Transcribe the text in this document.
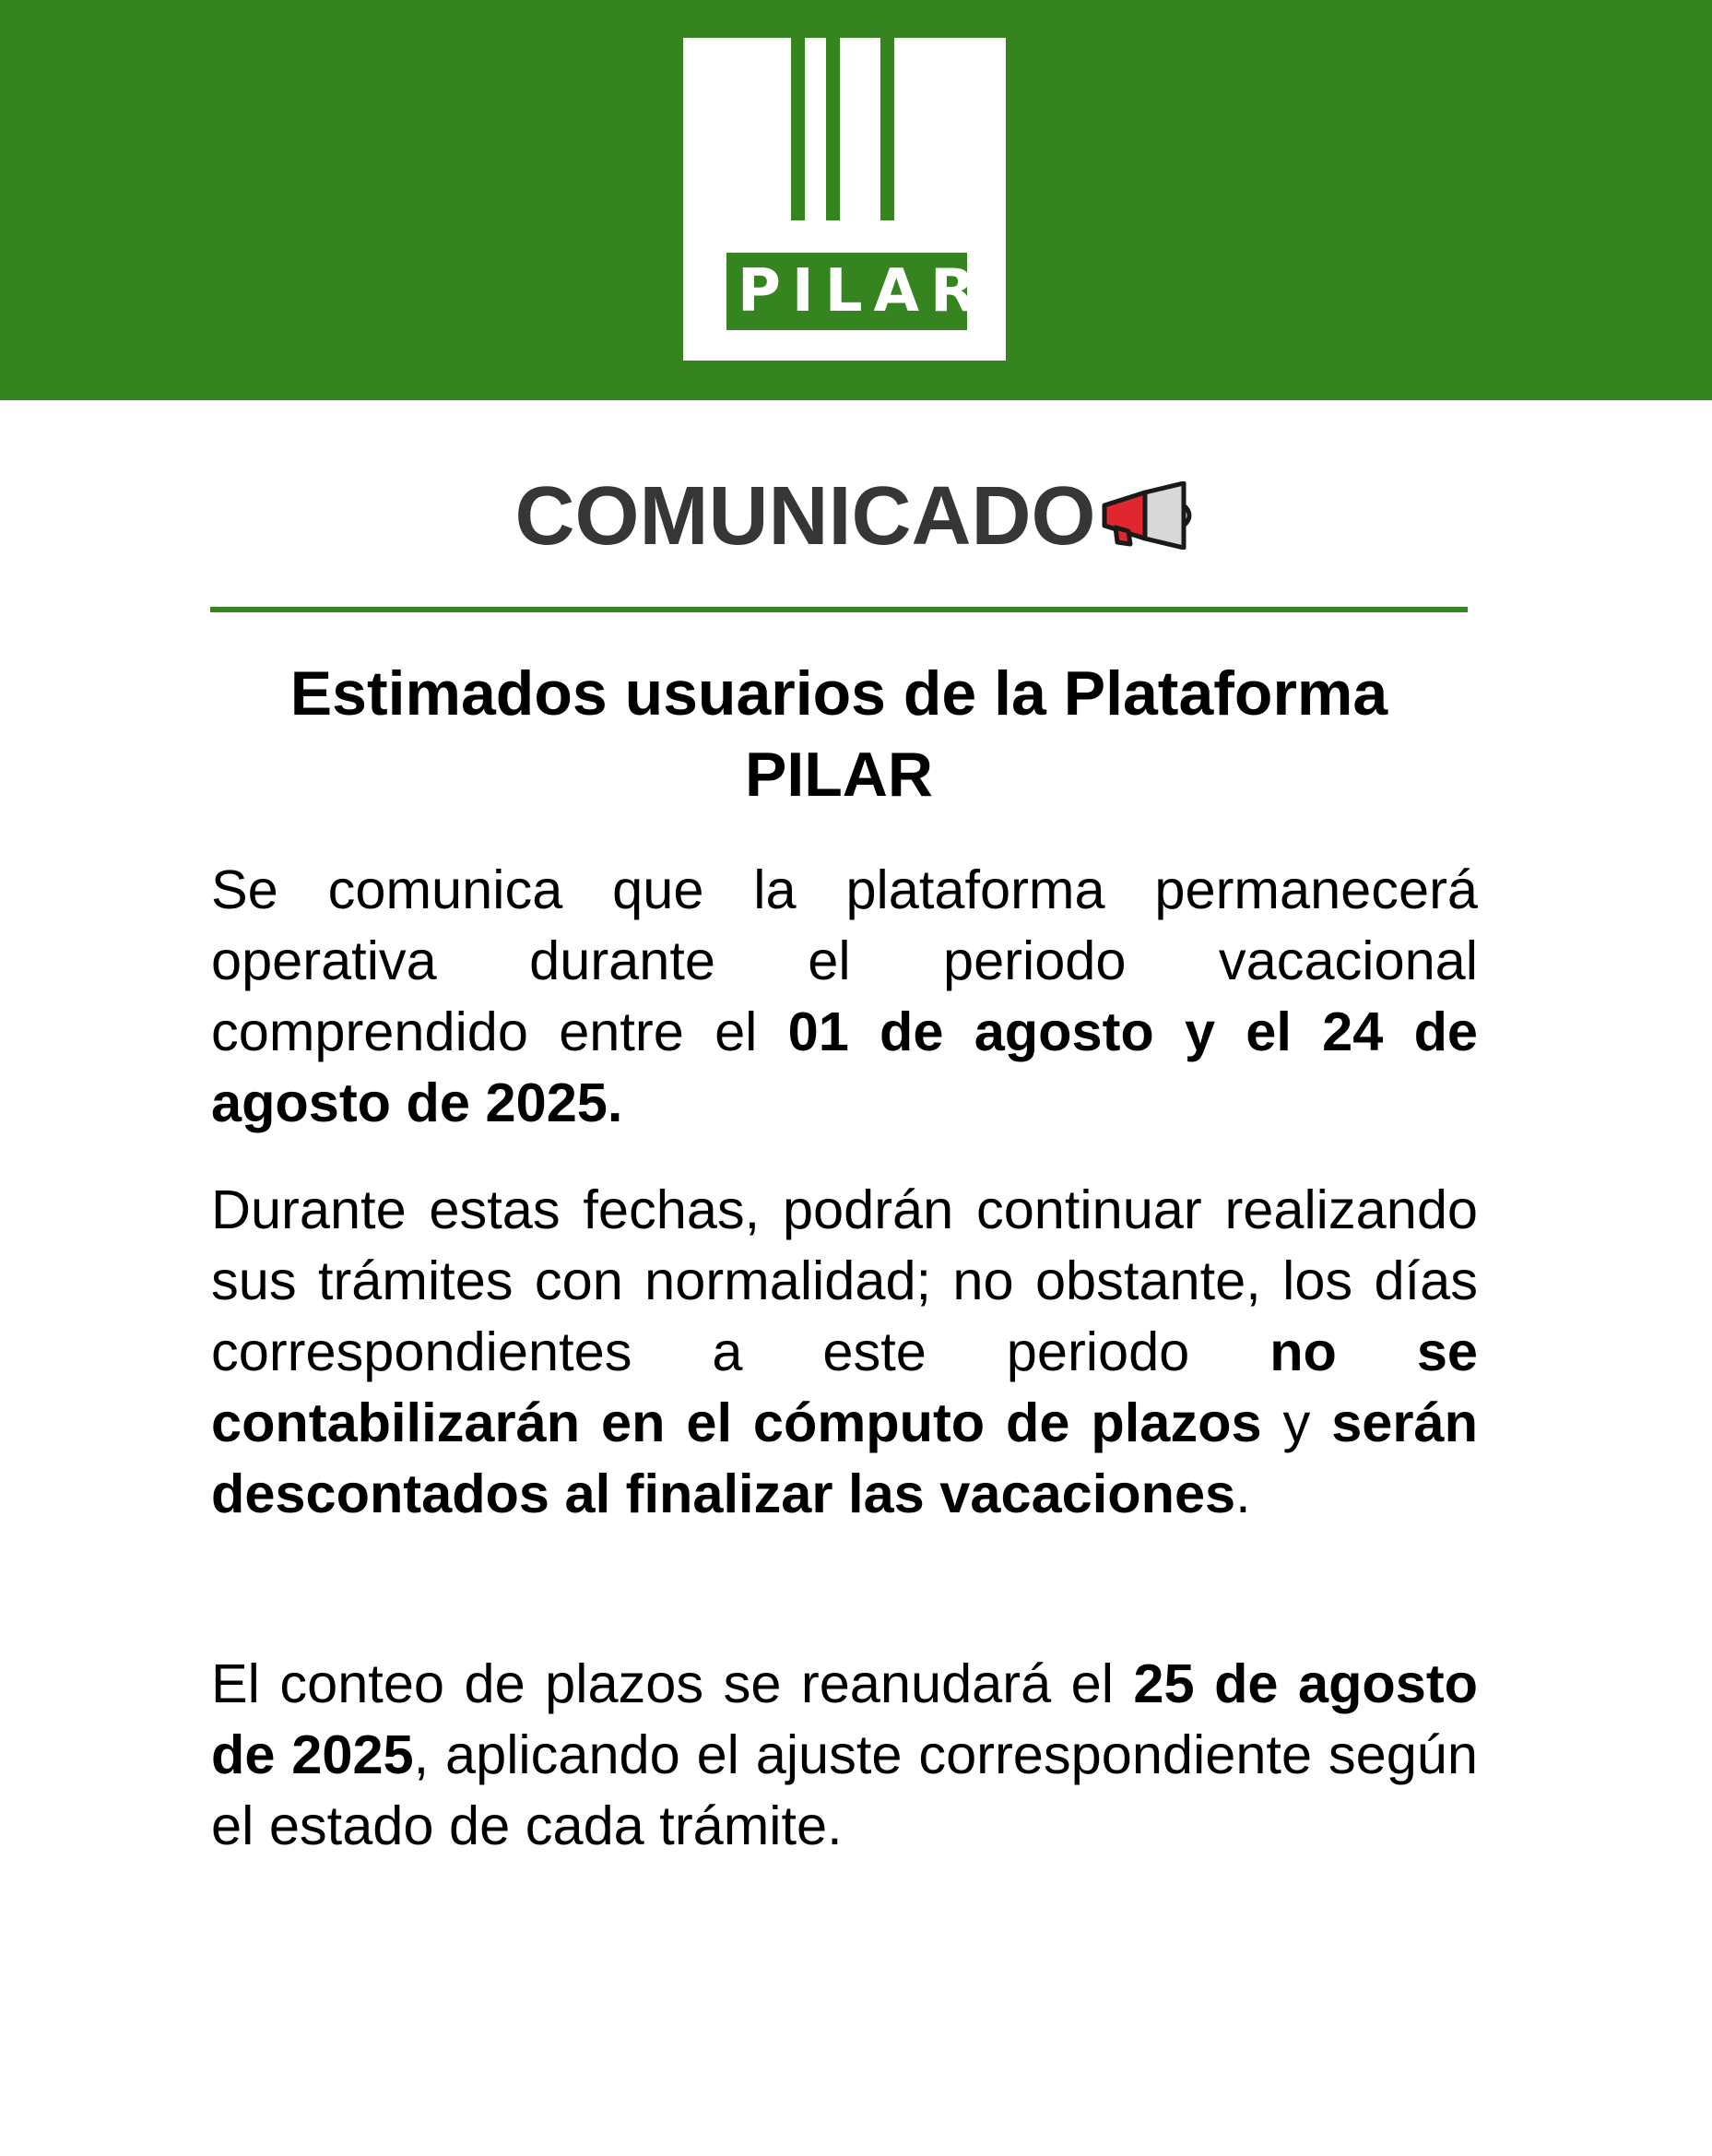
PILAR
COMUNICADO
Estimados usuarios de la Plataforma PILAR

Se comunica que la plataforma permanecerá operativa durante el periodo vacacional comprendido entre el 01 de agosto y el 24 de agosto de 2025.

Durante estas fechas, podrán continuar realizando sus trámites con normalidad; no obstante, los días correspondientes a este periodo no se contabilizarán en el cómputo de plazos y serán descontados al finalizar las vacaciones.

El conteo de plazos se reanudará el 25 de agosto de 2025, aplicando el ajuste correspondiente según el estado de cada trámite.
